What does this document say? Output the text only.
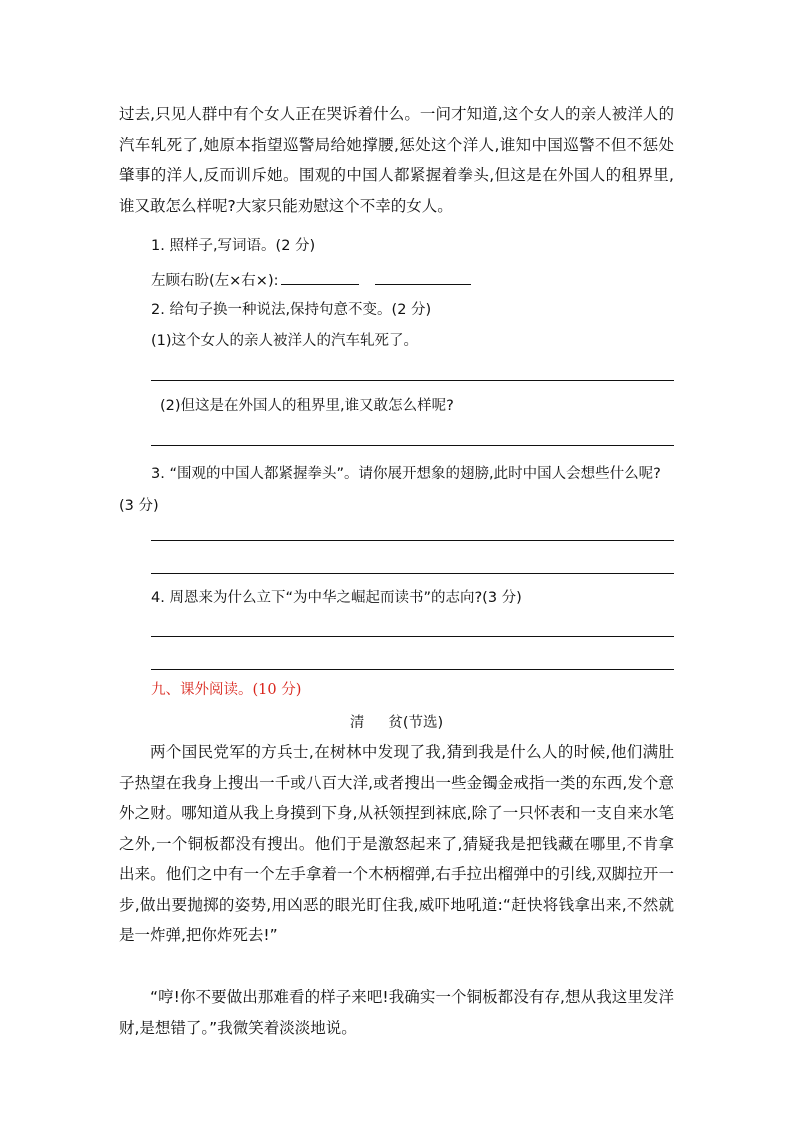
过去,只见人群中有个女人正在哭诉着什么。一问才知道,这个女人的亲人被洋人的汽车轧死了,她原本指望巡警局给她撑腰,惩处这个洋人,谁知中国巡警不但不惩处肇事的洋人,反而训斥她。围观的中国人都紧握着拳头,但这是在外国人的租界里,谁又敢怎么样呢?大家只能劝慰这个不幸的女人。

1. 照样子,写词语。(2 分)

左顾右盼(左×右×):

2. 给句子换一种说法,保持句意不变。(2 分)

(1)这个女人的亲人被洋人的汽车轧死了。

(2)但这是在外国人的租界里,谁又敢怎么样呢?

3. “围观的中国人都紧握拳头”。请你展开想象的翅膀,此时中国人会想些什么呢?(3 分)

4. 周恩来为什么立下“为中华之崛起而读书”的志向?(3 分)

九、课外阅读。(10 分)

清 贫(节选)

两个国民党军的方兵士,在树林中发现了我,猜到我是什么人的时候,他们满肚子热望在我身上搜出一千或八百大洋,或者搜出一些金镯金戒指一类的东西,发个意外之财。哪知道从我上身摸到下身,从袄领捏到袜底,除了一只怀表和一支自来水笔之外,一个铜板都没有搜出。他们于是激怒起来了,猜疑我是把钱藏在哪里,不肯拿出来。他们之中有一个左手拿着一个木柄榴弹,右手拉出榴弹中的引线,双脚拉开一步,做出要抛掷的姿势,用凶恶的眼光盯住我,威吓地吼道:“赶快将钱拿出来,不然就是一炸弹,把你炸死去!”

“哼!你不要做出那难看的样子来吧!我确实一个铜板都没有存,想从我这里发洋财,是想错了。”我微笑着淡淡地说。
